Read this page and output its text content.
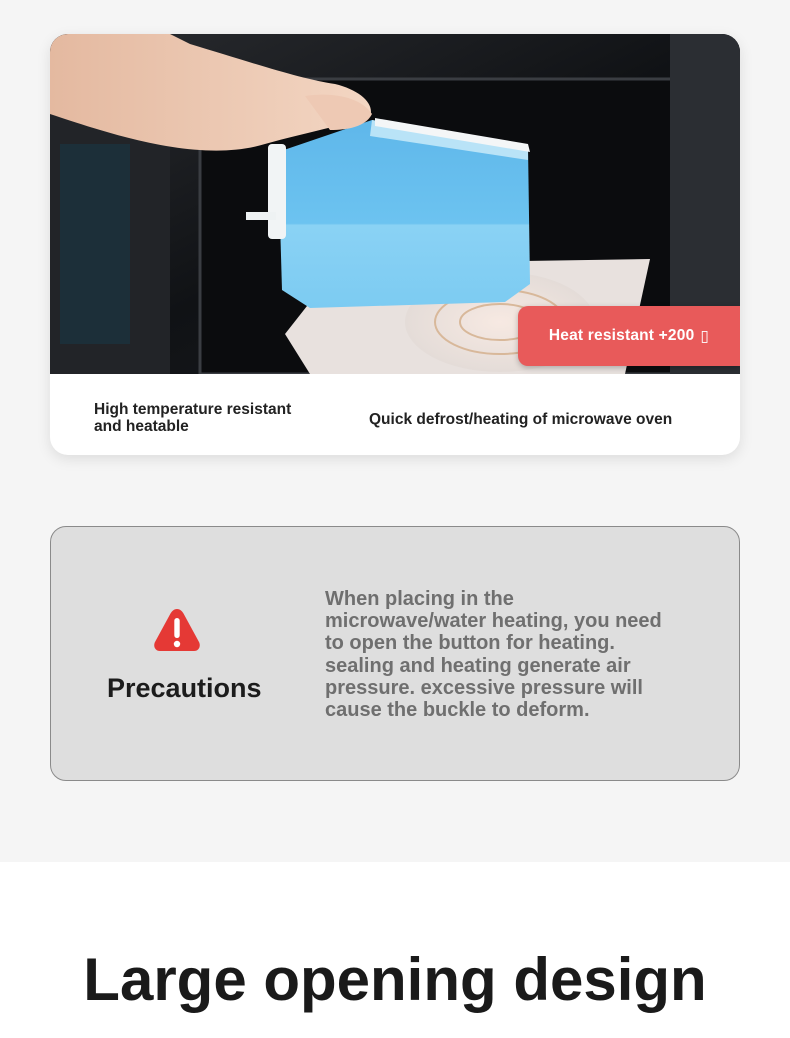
Heat resistant +200 ▯
High temperature resistant
and heatable	Quick defrost/heating of microwave oven
Precautions
When placing in the
microwave/water heating, you need
to open the button for heating.
sealing and heating generate air
pressure. excessive pressure will
cause the buckle to deform.
Large opening design
